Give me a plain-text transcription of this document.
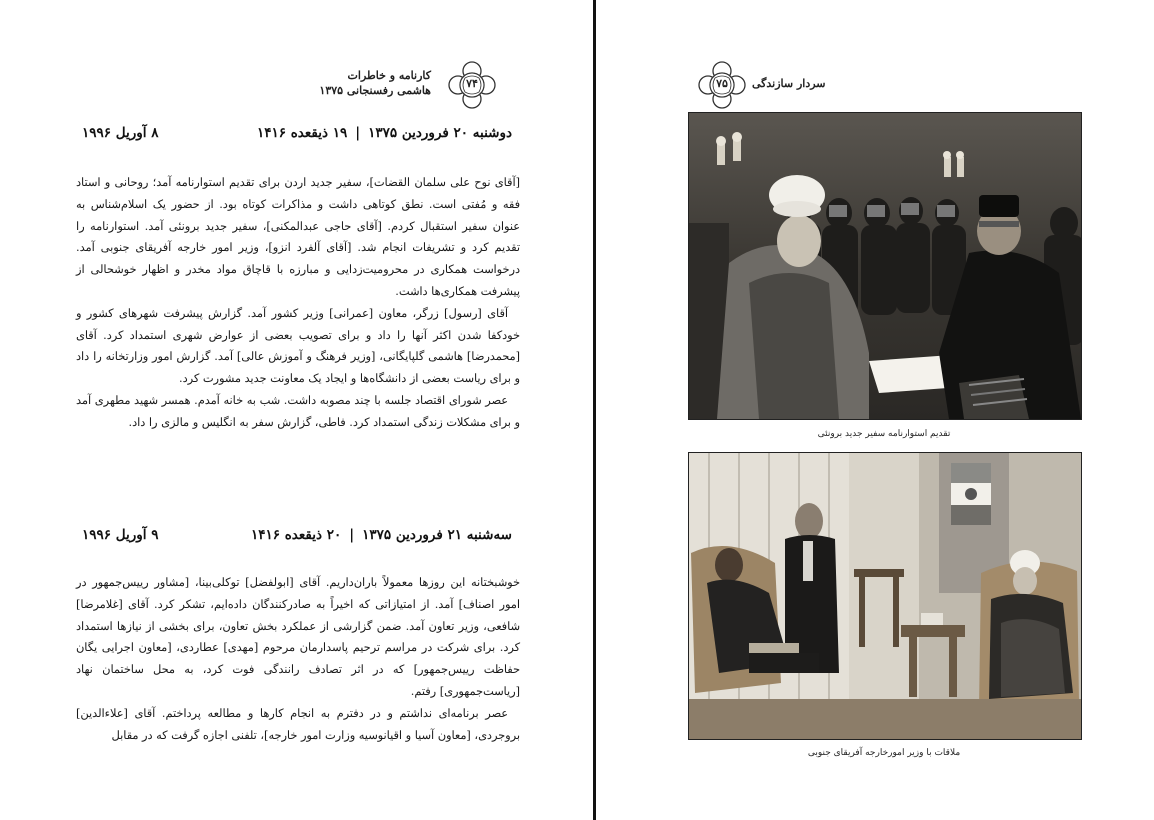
۷۴
کارنامه و خاطرات
هاشمی رفسنجانی ۱۳۷۵
دوشنبه ۲۰ فروردین ۱۳۷۵|۱۹ ذیقعده ۱۴۱۶
۸ آوریل ۱۹۹۶

[آقای نوح علی سلمان القضات]، سفیر جدید اردن برای تقدیم استوارنامه آمد؛ روحانی و استاد فقه و مُفتی است. نطق کوتاهی داشت و مذاکرات کوتاه بود. از حضور یک اسلام‌شناس به عنوان سفیر استقبال کردم. [آقای حاجی عبدالمکنی]، سفیر جدید برونئی آمد. استوارنامه را تقدیم کرد و تشریفات انجام شد. [آقای آلفرد انزو]، وزیر امور خارجه آفریقای جنوبی آمد. درخواست همکاری در محرومیت‌زدایی و مبارزه با قاچاق مواد مخدر و اظهار خوشحالی از پیشرفت همکاری‌ها داشت.

آقای [رسول] زرگر، معاون [عمرانی] وزیر کشور آمد. گزارش پیشرفت شهرهای کشور و خودکفا شدن اکثر آنها را داد و برای تصویب بعضی از عوارض شهری استمداد کرد. آقای [محمدرضا] هاشمی گلپایگانی، [وزیر فرهنگ و آموزش عالی] آمد. گزارش امور وزارتخانه را داد و برای ریاست بعضی از دانشگاه‌ها و ایجاد یک معاونت جدید مشورت کرد.

عصر شورای اقتصاد جلسه با چند مصوبه داشت. شب به خانه آمدم. همسر شهید مطهری آمد و برای مشکلات زندگی استمداد کرد. فاطی، گزارش سفر به انگلیس و مالزی را داد.

سه‌شنبه ۲۱ فروردین ۱۳۷۵|۲۰ ذیقعده ۱۴۱۶
۹ آوریل ۱۹۹۶

خوشبختانه این روزها معمولاً باران‌داریم. آقای [ابولفضل] توکلی‌بینا، [مشاور رییس‌جمهور در امور اصناف] آمد. از امتیازاتی که اخیراً به صادرکنندگان داده‌ایم، تشکر کرد. آقای [غلامرضا] شافعی، وزیر تعاون آمد. ضمن گزارشی از عملکرد بخش تعاون، برای بخشی از نیازها استمداد کرد. برای شرکت در مراسم ترحیم پاسدارمان مرحوم [مهدی] عطاردی، [معاون اجرایی یگان حفاظت رییس‌جمهور] که در اثر تصادف رانندگی فوت کرد، به محل ساختمان نهاد [ریاست‌جمهوری] رفتم.

عصر برنامه‌ای نداشتم و در دفترم به انجام کارها و مطالعه پرداختم. آقای [علاءالدین] بروجردی، [معاون آسیا و اقیانوسیه وزارت امور خارجه]، تلفنی اجازه گرفت که در مقابل

۷۵	سردار سازندگی
تقدیم استوارنامه سفیر جدید برونئی
ملاقات با وزیر امورخارجه آفریقای جنوبی
